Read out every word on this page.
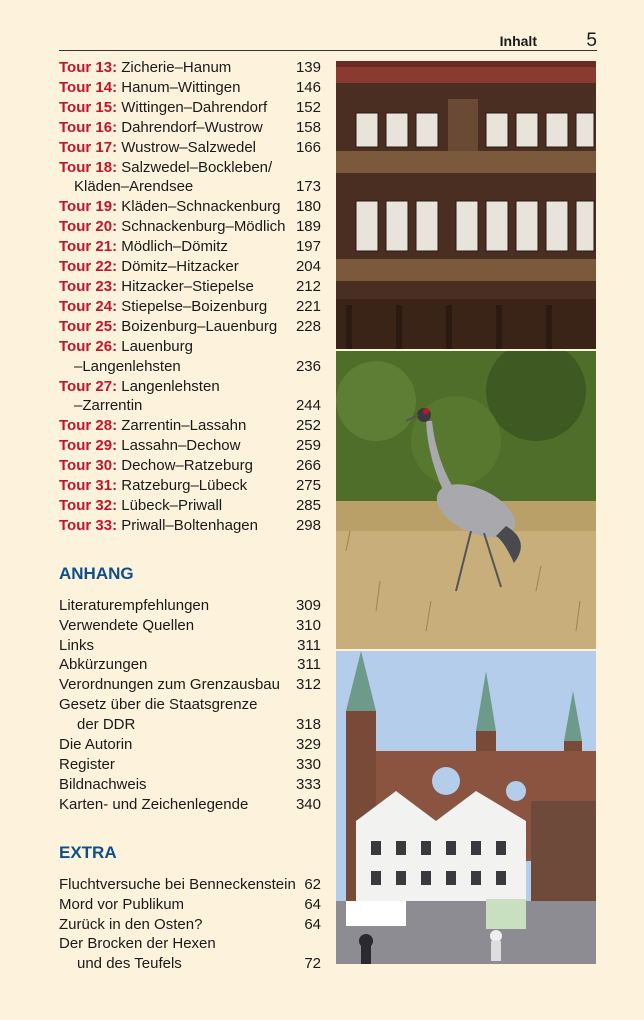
Inhalt	5
Tour 13: Zicherie–Hanum	139
Tour 14: Hanum–Wittingen	146
Tour 15: Wittingen–Dahrendorf	152
Tour 16: Dahrendorf–Wustrow	158
Tour 17: Wustrow–Salzwedel	166
Tour 18: Salzwedel–Bockleben/
Kläden–Arendsee	173
Tour 19: Kläden–Schnackenburg	180
Tour 20: Schnackenburg–Mödlich 189
Tour 21: Mödlich–Dömitz	197
Tour 22: Dömitz–Hitzacker	204
Tour 23: Hitzacker–Stiepelse	212
Tour 24: Stiepelse–Boizenburg	221
Tour 25: Boizenburg–Lauenburg	228
Tour 26: Lauenburg
–Langenlehsten	236
Tour 27: Langenlehsten
–Zarrentin	244
Tour 28: Zarrentin–Lassahn	252
Tour 29: Lassahn–Dechow	259
Tour 30: Dechow–Ratzeburg	266
Tour 31: Ratzeburg–Lübeck	275
Tour 32: Lübeck–Priwall	285
Tour 33: Priwall–Boltenhagen	298
ANHANG
Literaturempfehlungen	309
Verwendete Quellen	310
Links	311
Abkürzungen	311
Verordnungen zum Grenzausbau	312
Gesetz über die Staatsgrenze
der DDR	318
Die Autorin	329
Register	330
Bildnachweis	333
Karten- und Zeichenlegende	340
EXTRA
Fluchtversuche bei Benneckenstein 62
Mord vor Publikum	64
Zurück in den Osten?	64
Der Brocken der Hexen
und des Teufels	72
